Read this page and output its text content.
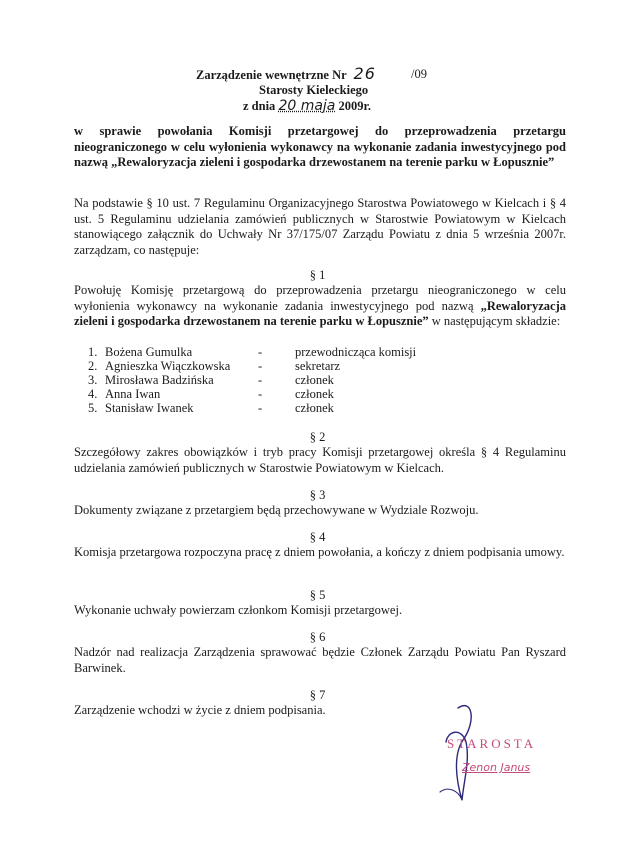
Zarządzenie wewnętrzne Nr 26	/09
Starosty Kieleckiego
z dnia 20 maja 2009r.
w sprawie powołania Komisji przetargowej do przeprowadzenia przetargu nieograniczonego w celu wyłonienia wykonawcy na wykonanie zadania inwestycyjnego pod nazwą „Rewaloryzacja zieleni i gospodarka drzewostanem na terenie parku w Łopusznie”
Na podstawie § 10 ust. 7 Regulaminu Organizacyjnego Starostwa Powiatowego w Kielcach i § 4 ust. 5 Regulaminu udzielania zamówień publicznych w Starostwie Powiatowym w Kielcach stanowiącego załącznik do Uchwały Nr 37/175/07 Zarządu Powiatu z dnia 5 września 2007r. zarządzam, co następuje:
§ 1
Powołuję Komisję przetargową do przeprowadzenia przetargu nieograniczonego w celu wyłonienia wykonawcy na wykonanie zadania inwestycyjnego pod nazwą „Rewaloryzacja zieleni i gospodarka drzewostanem na terenie parku w Łopusznie” w następującym składzie:
1. Bożena Gumulka	-	przewodnicząca komisji
2. Agnieszka Wiączkowska -	sekretarz
3. Mirosława Badzińska	-	członek
4. Anna Iwan	-	członek
5. Stanisław Iwanek	-	członek
§ 2
Szczegółowy zakres obowiązków i tryb pracy Komisji przetargowej określa § 4 Regulaminu udzielania zamówień publicznych w Starostwie Powiatowym w Kielcach.
§ 3
Dokumenty związane z przetargiem będą przechowywane w Wydziale Rozwoju.
§ 4
Komisja przetargowa rozpoczyna pracę z dniem powołania, a kończy z dniem podpisania umowy.
§ 5
Wykonanie uchwały powierzam członkom Komisji przetargowej.
§ 6
Nadzór nad realizacja Zarządzenia sprawować będzie Członek Zarządu Powiatu Pan Ryszard Barwinek.
§ 7
Zarządzenie wchodzi w życie z dniem podpisania.
STAROSTA
Zenon Janus
